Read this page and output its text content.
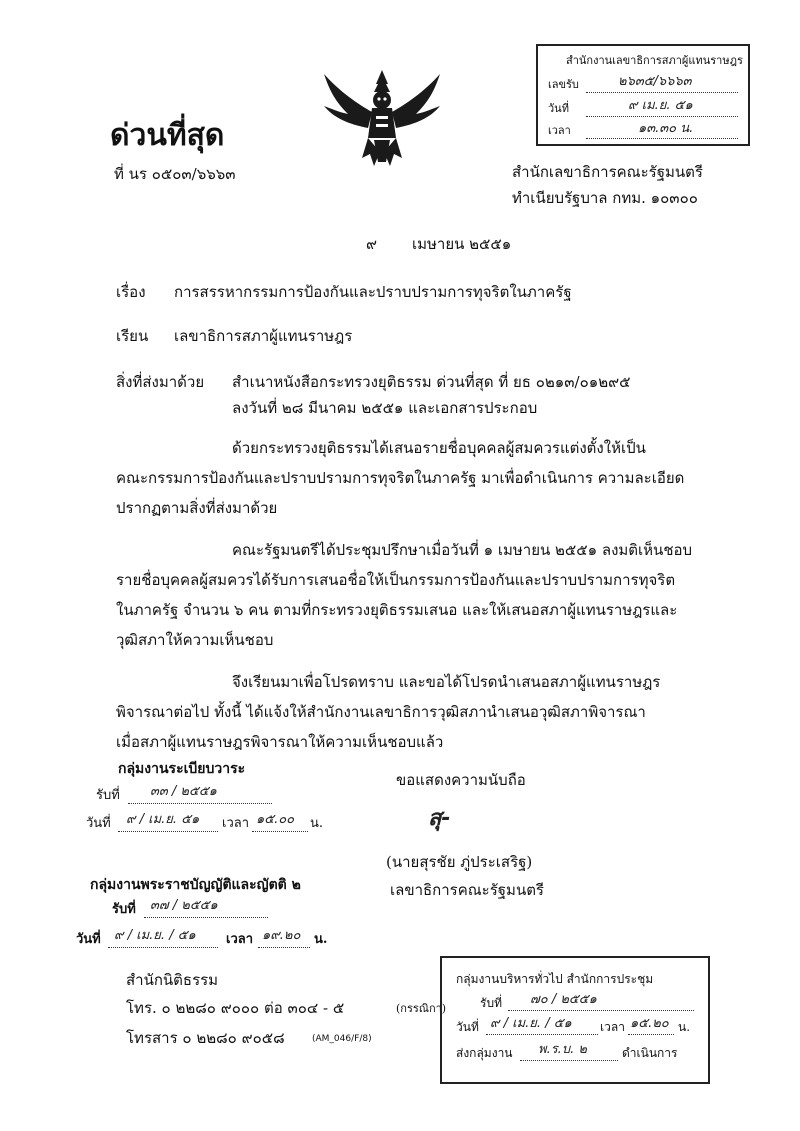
สำนักงานเลขาธิการสภาผู้แทนราษฎร
เลขรับ	๒๖๓๕/๖๖๖๓
วันที่	๙ เม.ย. ๕๑
เวลา	๑๓.๓๐ น.
ด่วนที่สุด
ที่ นร ๐๕๐๓/๖๖๖๓	สำนักเลขาธิการคณะรัฐมนตรี
ทำเนียบรัฐบาล กทม. ๑๐๓๐๐
๙ เมษายน ๒๕๕๑
เรื่อง การสรรหากรรมการป้องกันและปราบปรามการทุจริตในภาครัฐ
เรียน เลขาธิการสภาผู้แทนราษฎร
สิ่งที่ส่งมาด้วย สำเนาหนังสือกระทรวงยุติธรรม ด่วนที่สุด ที่ ยธ ๐๒๑๓/๐๑๒๙๕
ลงวันที่ ๒๘ มีนาคม ๒๕๕๑ และเอกสารประกอบ
ด้วยกระทรวงยุติธรรมได้เสนอรายชื่อบุคคลผู้สมควรแต่งตั้งให้เป็น
คณะกรรมการป้องกันและปราบปรามการทุจริตในภาครัฐ มาเพื่อดำเนินการ ความละเอียด
ปรากฏตามสิ่งที่ส่งมาด้วย
คณะรัฐมนตรีได้ประชุมปรึกษาเมื่อวันที่ ๑ เมษายน ๒๕๕๑ ลงมติเห็นชอบ
รายชื่อบุคคลผู้สมควรได้รับการเสนอชื่อให้เป็นกรรมการป้องกันและปราบปรามการทุจริต
ในภาครัฐ จำนวน ๖ คน ตามที่กระทรวงยุติธรรมเสนอ และให้เสนอสภาผู้แทนราษฎรและ
วุฒิสภาให้ความเห็นชอบ
จึงเรียนมาเพื่อโปรดทราบ และขอได้โปรดนำเสนอสภาผู้แทนราษฎร
พิจารณาต่อไป ทั้งนี้ ได้แจ้งให้สำนักงานเลขาธิการวุฒิสภานำเสนอวุฒิสภาพิจารณา
เมื่อสภาผู้แทนราษฎรพิจารณาให้ความเห็นชอบแล้ว
กลุ่มงานระเบียบวาระ
รับที่ ๓๓ / ๒๕๕๑
วันที่ ๙ / เม.ย. ๕๑ เวลา ๑๕.๐๐ น.
ขอแสดงความนับถือ
สุ-
(นายสุรชัย ภู่ประเสริฐ)
เลขาธิการคณะรัฐมนตรี
กลุ่มงานพระราชบัญญัติและญัตติ ๒
รับที่ ๓๗ / ๒๕๕๑
วันที่ ๙ / เม.ย. / ๕๑ เวลา ๑๙.๒๐ น.
สำนักนิติธรรม
โทร. ๐ ๒๒๘๐ ๙๐๐๐ ต่อ ๓๐๔ - ๕	(กรรณิกา)
โทรสาร ๐ ๒๒๘๐ ๙๐๕๘	(AM_046/F/8)
กลุ่มงานบริหารทั่วไป สำนักการประชุม
รับที่ ๗๐ / ๒๕๕๑
วันที่ ๙ / เม.ย. / ๕๑ เวลา ๑๕.๒๐ น.
ส่งกลุ่มงาน พ.ร.บ. ๒	ดำเนินการ
